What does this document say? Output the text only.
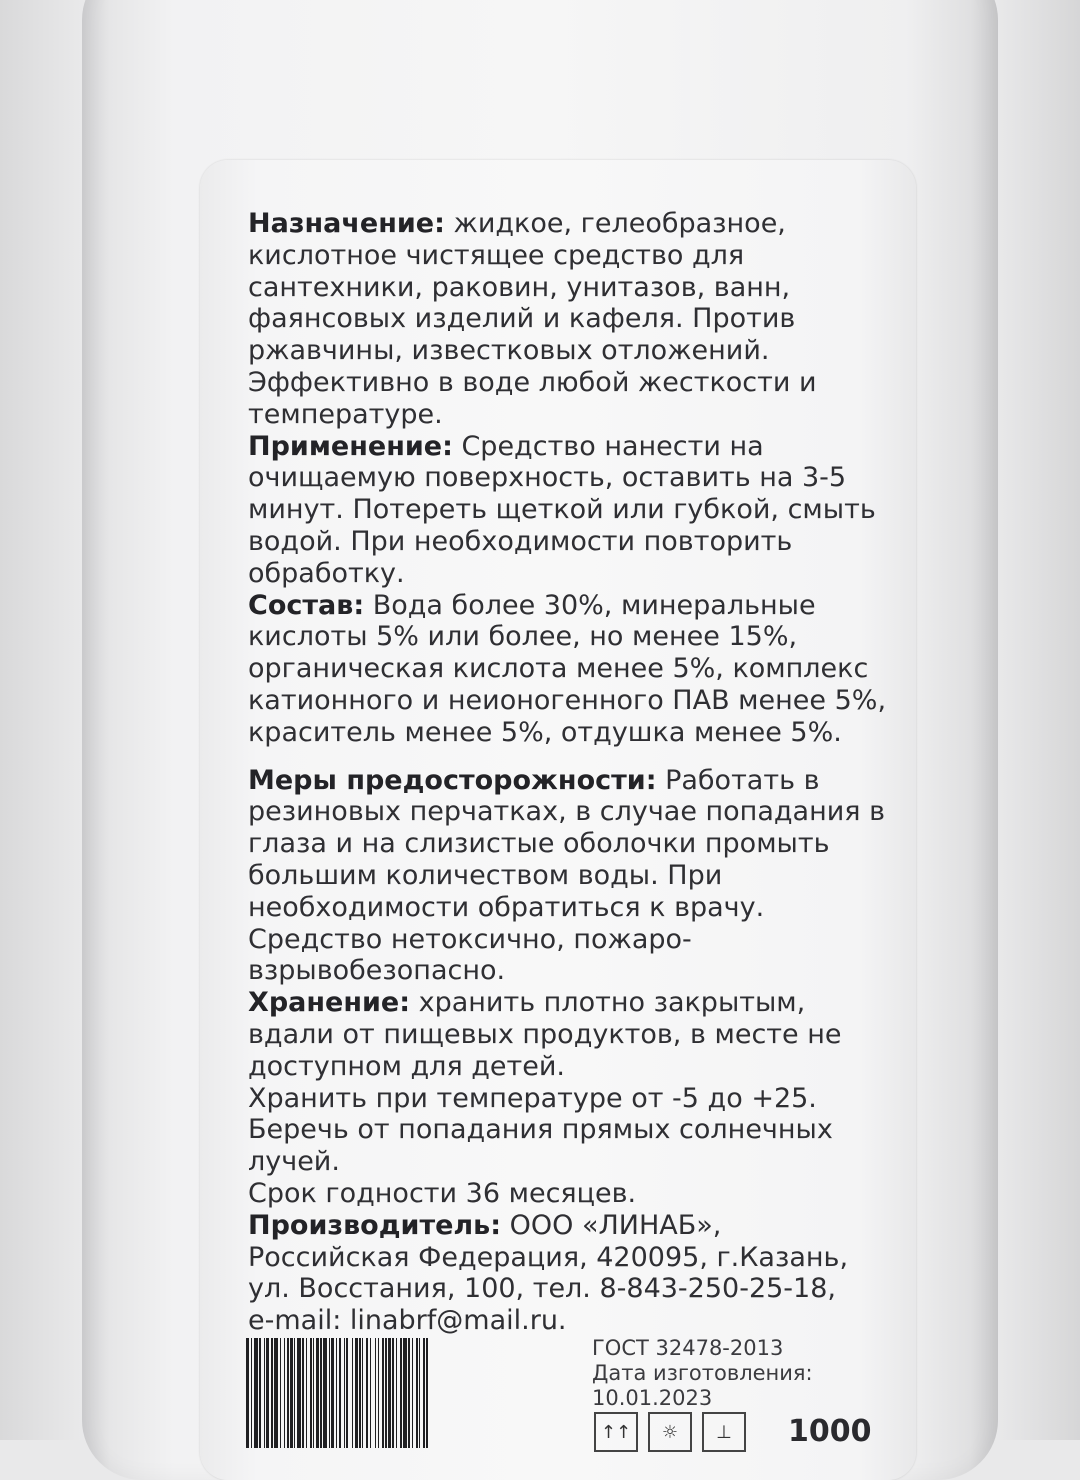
Назначение: жидкое, гелеобразное,

кислотное чистящее средство для

сантехники, раковин, унитазов, ванн,

фаянсовых изделий и кафеля. Против

ржавчины, известковых отложений.

Эффективно в воде любой жесткости и

температуре.

Применение: Средство нанести на

очищаемую поверхность, оставить на 3-5

минут. Потереть щеткой или губкой, смыть

водой. При необходимости повторить

обработку.

Состав: Вода более 30%, минеральные

кислоты 5% или более, но менее 15%,

органическая кислота менее 5%, комплекс

катионного и неионогенного ПАВ менее 5%,

краситель менее 5%, отдушка менее 5%.

Меры предосторожности: Работать в

резиновых перчатках, в случае попадания в

глаза и на слизистые оболочки промыть

большим количеством воды. При

необходимости обратиться к врачу.

Средство нетоксично, пожаро-

взрывобезопасно.

Хранение: хранить плотно закрытым,

вдали от пищевых продуктов, в месте не

доступном для детей.

Хранить при температуре от -5 до +25.

Беречь от попадания прямых солнечных

лучей.

Срок годности 36 месяцев.

Производитель: ООО «ЛИНАБ»,

Российская Федерация, 420095, г.Казань,

ул. Восстания, 100, тел. 8-843-250-25-18,

e-mail: linabrf@mail.ru.

ГОСТ 32478-2013

Дата изготовления:

10.01.2023

↑↑	☼	⊥	1000
